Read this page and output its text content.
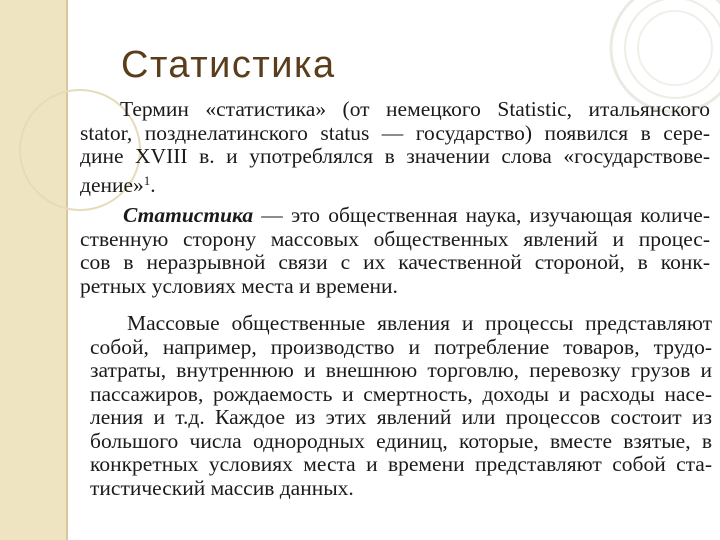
Статистика
Термин «статистика» (от немецкого Statistic, итальянского
stator, позднелатинского status — государство) появился в сере-
дине XVIII в. и употреблялся в значении слова «государствове-
дение»$^1$.
Статистика — это общественная наука, изучающая количе-
ственную сторону массовых общественных явлений и процес-
сов в неразрывной связи с их качественной стороной, в конк-
ретных условиях места и времени.
Массовые общественные явления и процессы представляют
собой, например, производство и потребление товаров, трудо-
затраты, внутреннюю и внешнюю торговлю, перевозку грузов и
пассажиров, рождаемость и смертность, доходы и расходы насе-
ления и т.д. Каждое из этих явлений или процессов состоит из
большого числа однородных единиц, которые, вместе взятые, в
конкретных условиях места и времени представляют собой ста-
тистический массив данных.
